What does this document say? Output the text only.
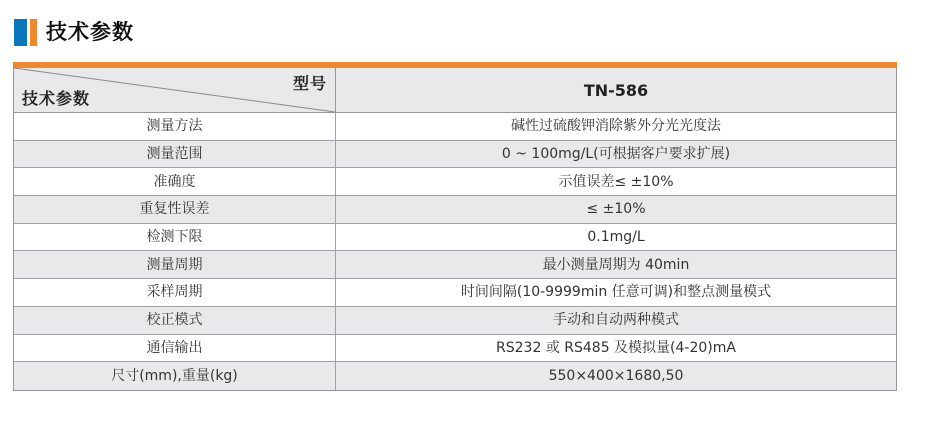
技术参数
型号
技术参数	TN-586
测量方法	碱性过硫酸钾消除紫外分光光度法
测量范围	0 ~ 100mg/L(可根据客户要求扩展)
准确度	示值误差≤ ±10%
重复性误差	≤ ±10%
检测下限	0.1mg/L
测量周期	最小测量周期为 40min
采样周期	时间间隔(10-9999min 任意可调)和整点测量模式
校正模式	手动和自动两种模式
通信输出	RS232 或 RS485 及模拟量(4-20)mA
尺寸(mm),重量(kg)	550×400×1680,50
